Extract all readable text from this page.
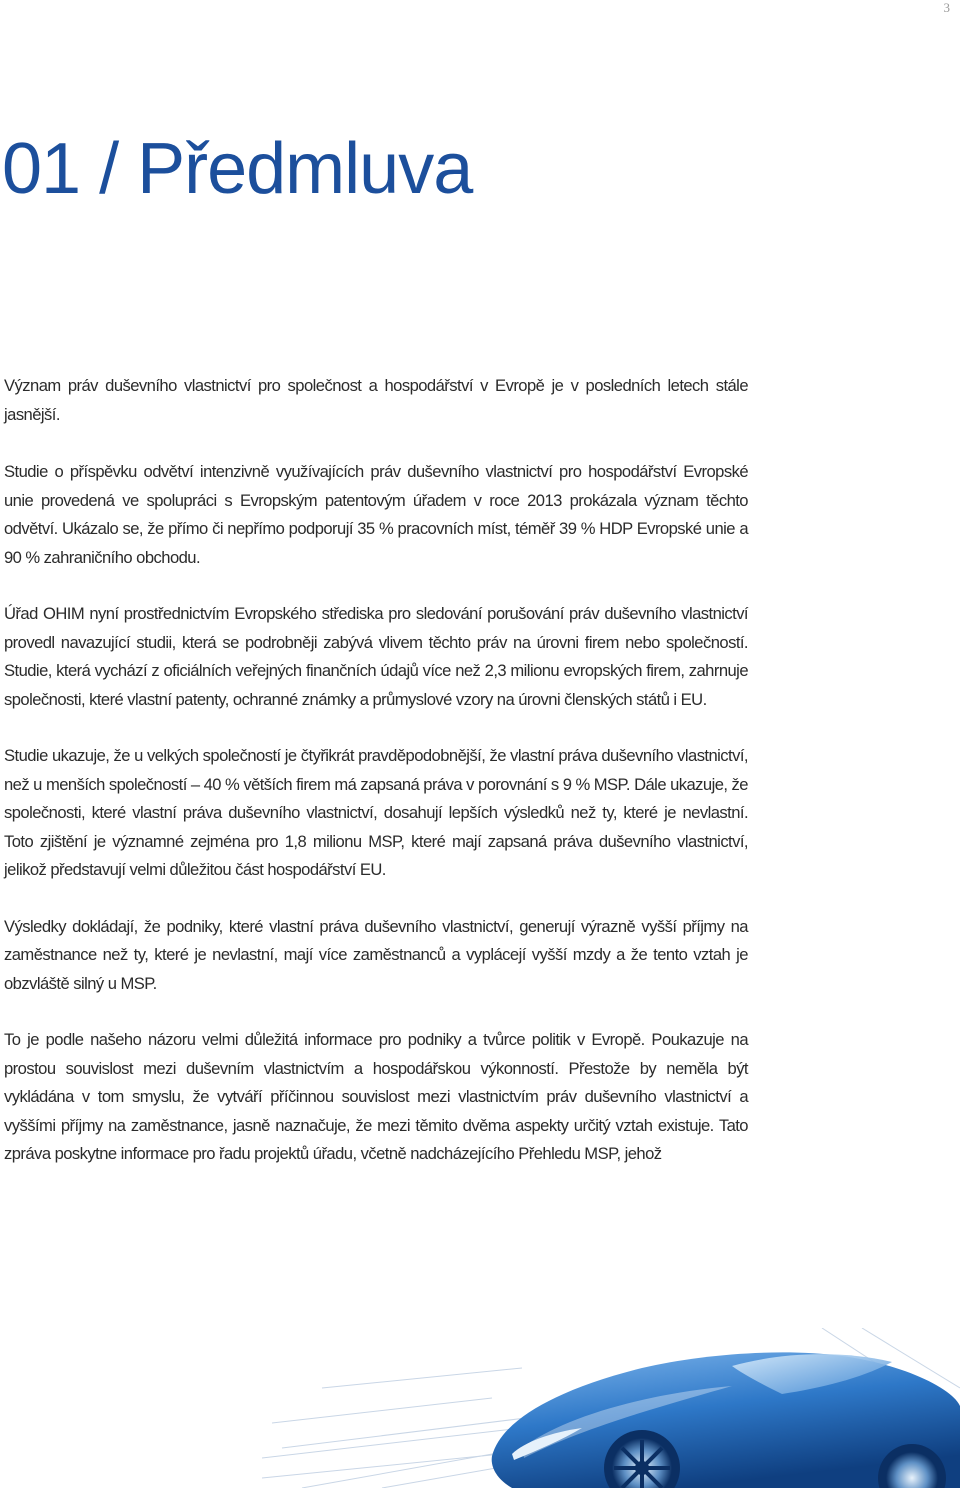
3
01 / Předmluva

Význam práv duševního vlastnictví pro společnost a hospodářství v Evropě je v posledních letech stále jasnější.

Studie o příspěvku odvětví intenzivně využívajících práv duševního vlastnictví pro hospodářství Evropské unie provedená ve spolupráci s Evropským patentovým úřadem v roce 2013 prokázala význam těchto odvětví. Ukázalo se, že přímo či nepřímo podporují 35 % pracovních míst, téměř 39 % HDP Evropské unie a 90 % zahraničního obchodu.

Úřad OHIM nyní prostřednictvím Evropského střediska pro sledování porušování práv duševního vlastnictví provedl navazující studii, která se podrobněji zabývá vlivem těchto práv na úrovni firem nebo společností. Studie, která vychází z oficiálních veřejných finančních údajů více než 2,3 milionu evropských firem, zahrnuje společnosti, které vlastní patenty, ochranné známky a průmyslové vzory na úrovni členských států i EU.

Studie ukazuje, že u velkých společností je čtyřikrát pravděpodobnější, že vlastní práva duševního vlastnictví, než u menších společností – 40 % větších firem má zapsaná práva v porovnání s 9 % MSP. Dále ukazuje, že společnosti, které vlastní práva duševního vlastnictví, dosahují lepších výsledků než ty, které je nevlastní. Toto zjištění je významné zejména pro 1,8 milionu MSP, které mají zapsaná práva duševního vlastnictví, jelikož představují velmi důležitou část hospodářství EU.

Výsledky dokládají, že podniky, které vlastní práva duševního vlastnictví, generují výrazně vyšší příjmy na zaměstnance než ty, které je nevlastní, mají více zaměstnanců a vyplácejí vyšší mzdy a že tento vztah je obzvláště silný u MSP.

To je podle našeho názoru velmi důležitá informace pro podniky a tvůrce politik v Evropě. Poukazuje na prostou souvislost mezi duševním vlastnictvím a hospodářskou výkonností. Přestože by neměla být vykládána v tom smyslu, že vytváří příčinnou souvislost mezi vlastnictvím práv duševního vlastnictví a vyššími příjmy na zaměstnance, jasně naznačuje, že mezi těmito dvěma aspekty určitý vztah existuje. Tato zpráva poskytne informace pro řadu projektů úřadu, včetně nadcházejícího Přehledu MSP, jehož
